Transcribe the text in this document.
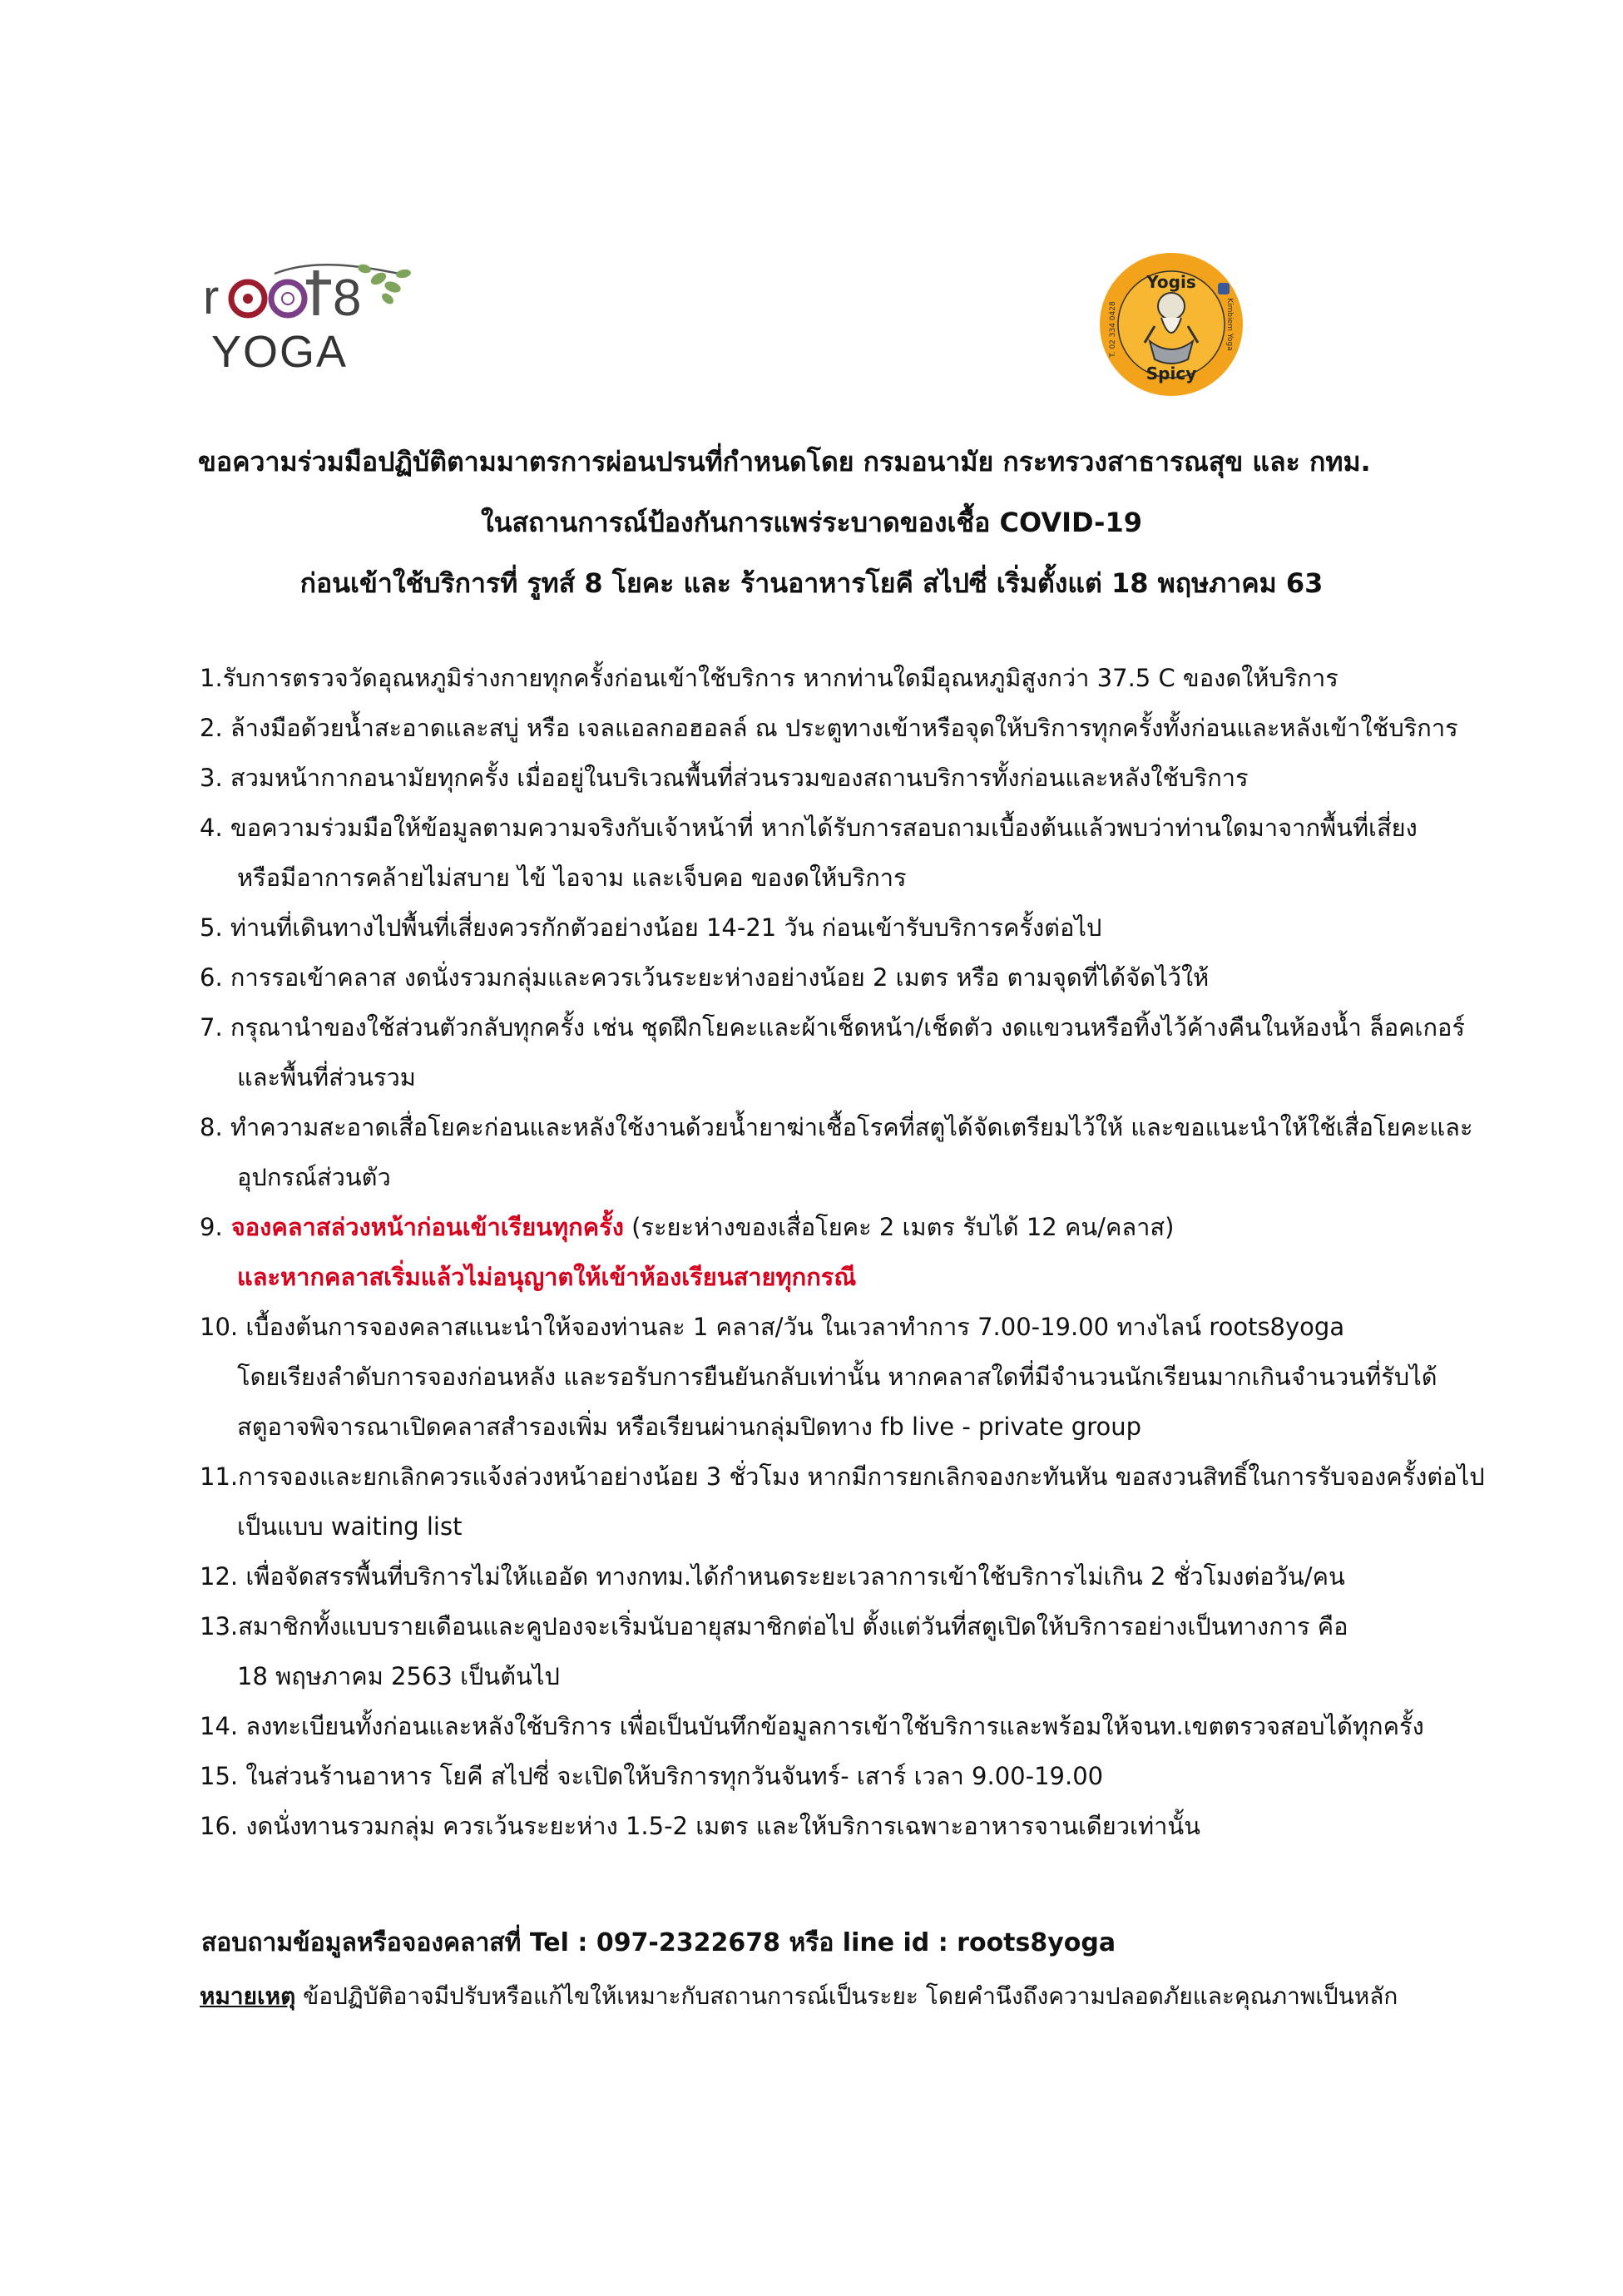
r 8
YOGA
Yogis
Spicy
T. 02 334 0428	Kimbiem Yoga
ขอความร่วมมือปฏิบัติตามมาตรการผ่อนปรนที่กำหนดโดย กรมอนามัย กระทรวงสาธารณสุข และ กทม.
ในสถานการณ์ป้องกันการแพร่ระบาดของเชื้อ COVID-19
ก่อนเข้าใช้บริการที่ รูทส์ 8 โยคะ และ ร้านอาหารโยคี สไปซี่ เริ่มตั้งแต่ 18 พฤษภาคม 63
1.รับการตรวจวัดอุณหภูมิร่างกายทุกครั้งก่อนเข้าใช้บริการ หากท่านใดมีอุณหภูมิสูงกว่า 37.5 C ของดให้บริการ
2. ล้างมือด้วยน้ำสะอาดและสบู่ หรือ เจลแอลกอฮอลล์ ณ ประตูทางเข้าหรือจุดให้บริการทุกครั้งทั้งก่อนและหลังเข้าใช้บริการ
3. สวมหน้ากากอนามัยทุกครั้ง เมื่ออยู่ในบริเวณพื้นที่ส่วนรวมของสถานบริการทั้งก่อนและหลังใช้บริการ
4. ขอความร่วมมือให้ข้อมูลตามความจริงกับเจ้าหน้าที่ หากได้รับการสอบถามเบื้องต้นแล้วพบว่าท่านใดมาจากพื้นที่เสี่ยง
หรือมีอาการคล้ายไม่สบาย ไข้ ไอจาม และเจ็บคอ ของดให้บริการ
5. ท่านที่เดินทางไปพื้นที่เสี่ยงควรกักตัวอย่างน้อย 14-21 วัน ก่อนเข้ารับบริการครั้งต่อไป
6. การรอเข้าคลาส งดนั่งรวมกลุ่มและควรเว้นระยะห่างอย่างน้อย 2 เมตร หรือ ตามจุดที่ได้จัดไว้ให้
7. กรุณานำของใช้ส่วนตัวกลับทุกครั้ง เช่น ชุดฝึกโยคะและผ้าเช็ดหน้า/เช็ดตัว งดแขวนหรือทิ้งไว้ค้างคืนในห้องน้ำ ล็อคเกอร์
และพื้นที่ส่วนรวม
8. ทำความสะอาดเสื่อโยคะก่อนและหลังใช้งานด้วยน้ำยาฆ่าเชื้อโรคที่สตูได้จัดเตรียมไว้ให้ และขอแนะนำให้ใช้เสื่อโยคะและ
อุปกรณ์ส่วนตัว
9. จองคลาสล่วงหน้าก่อนเข้าเรียนทุกครั้ง (ระยะห่างของเสื่อโยคะ 2 เมตร รับได้ 12 คน/คลาส)
และหากคลาสเริ่มแล้วไม่อนุญาตให้เข้าห้องเรียนสายทุกกรณี
10. เบื้องต้นการจองคลาสแนะนำให้จองท่านละ 1 คลาส/วัน ในเวลาทำการ 7.00-19.00 ทางไลน์ roots8yoga
โดยเรียงลำดับการจองก่อนหลัง และรอรับการยืนยันกลับเท่านั้น หากคลาสใดที่มีจำนวนนักเรียนมากเกินจำนวนที่รับได้
สตูอาจพิจารณาเปิดคลาสสำรองเพิ่ม หรือเรียนผ่านกลุ่มปิดทาง fb live - private group
11.การจองและยกเลิกควรแจ้งล่วงหน้าอย่างน้อย 3 ชั่วโมง หากมีการยกเลิกจองกะทันหัน ขอสงวนสิทธิ์ในการรับจองครั้งต่อไป
เป็นแบบ waiting list
12. เพื่อจัดสรรพื้นที่บริการไม่ให้แออัด ทางกทม.ได้กำหนดระยะเวลาการเข้าใช้บริการไม่เกิน 2 ชั่วโมงต่อวัน/คน
13.สมาชิกทั้งแบบรายเดือนและคูปองจะเริ่มนับอายุสมาชิกต่อไป ตั้งแต่วันที่สตูเปิดให้บริการอย่างเป็นทางการ คือ
18 พฤษภาคม 2563 เป็นต้นไป
14. ลงทะเบียนทั้งก่อนและหลังใช้บริการ เพื่อเป็นบันทึกข้อมูลการเข้าใช้บริการและพร้อมให้จนท.เขตตรวจสอบได้ทุกครั้ง
15. ในส่วนร้านอาหาร โยคี สไปซี่ จะเปิดให้บริการทุกวันจันทร์- เสาร์ เวลา 9.00-19.00
16. งดนั่งทานรวมกลุ่ม ควรเว้นระยะห่าง 1.5-2 เมตร และให้บริการเฉพาะอาหารจานเดียวเท่านั้น
สอบถามข้อมูลหรือจองคลาสที่ Tel : 097-2322678 หรือ line id : roots8yoga
หมายเหตุ ข้อปฏิบัติอาจมีปรับหรือแก้ไขให้เหมาะกับสถานการณ์เป็นระยะ โดยคำนึงถึงความปลอดภัยและคุณภาพเป็นหลัก
